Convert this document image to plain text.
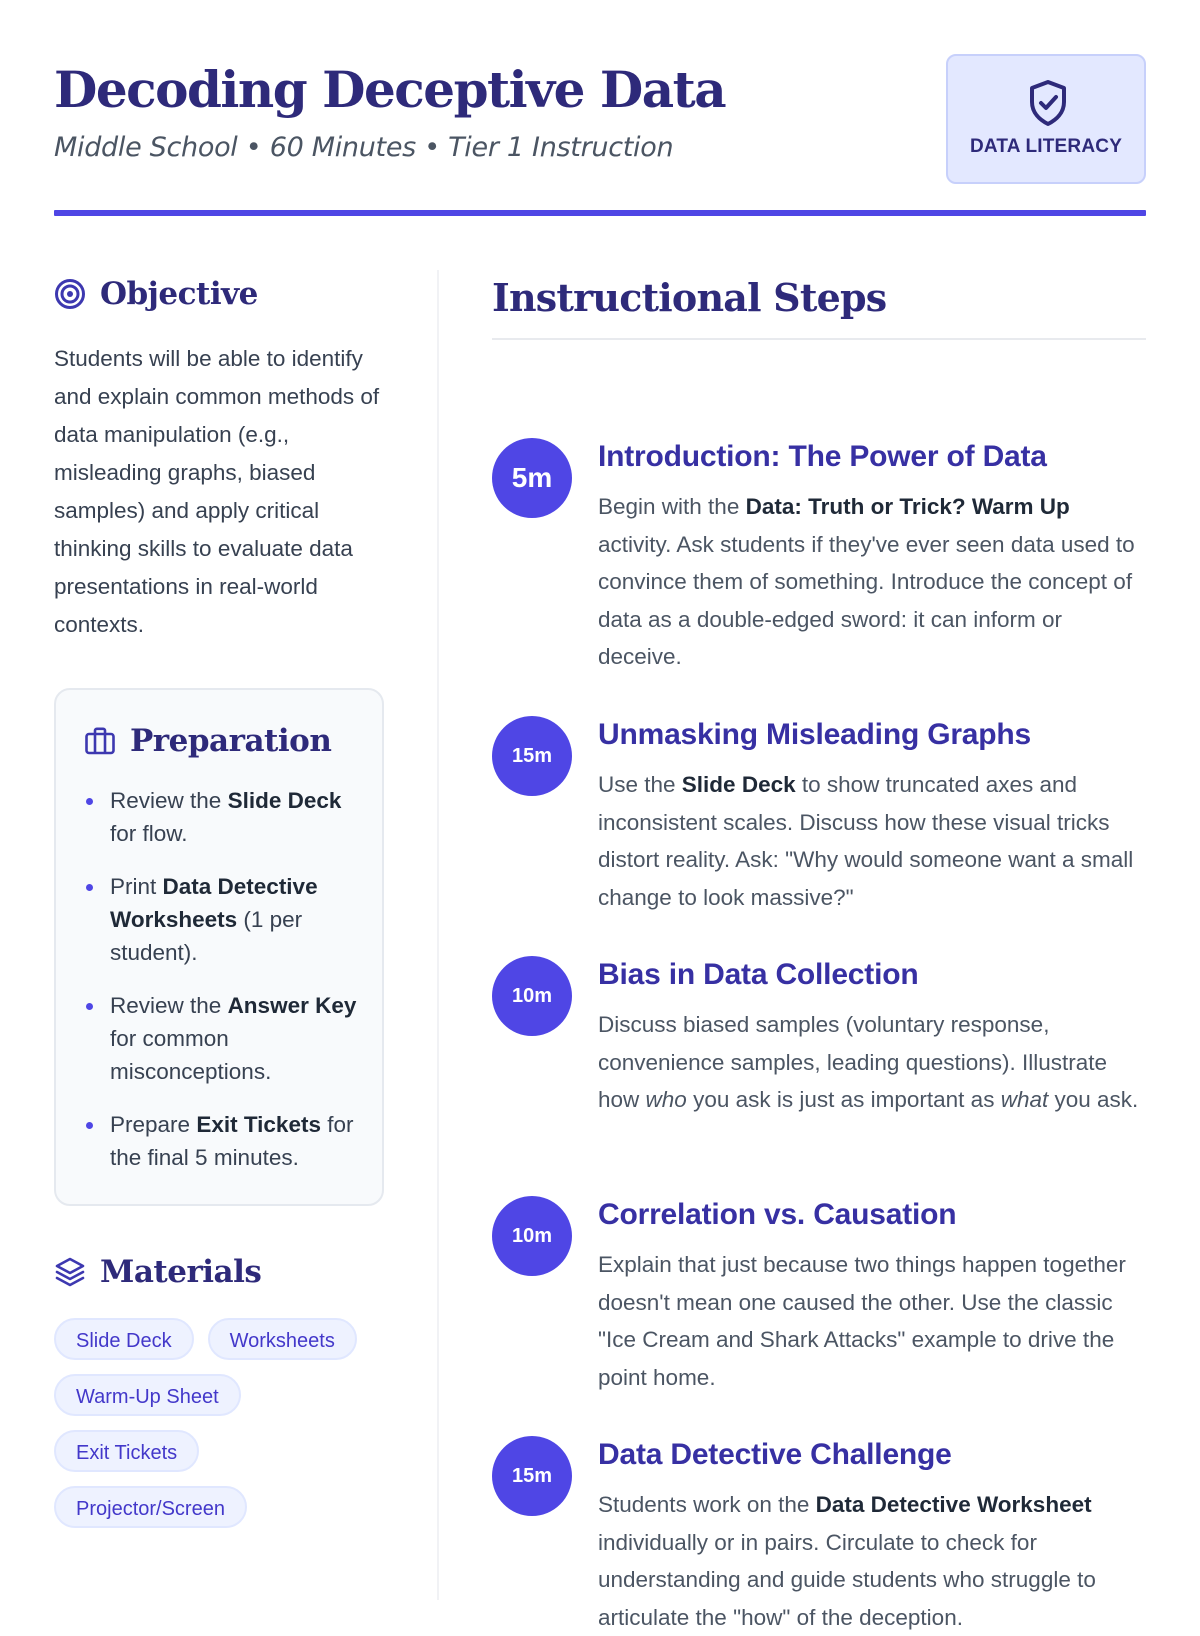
Decoding Deceptive Data
Middle School • 60 Minutes • Tier 1 Instruction	DATA LITERACY
Objective

Students will be able to identify and explain common methods of data manipulation (e.g., misleading graphs, biased samples) and apply critical thinking skills to evaluate data presentations in real-world contexts.

Preparation
Review the Slide Deck for flow.
Print Data Detective Worksheets (1 per student).
Review the Answer Key for common misconceptions.
Prepare Exit Tickets for the final 5 minutes.
Materials
Slide Deck	Worksheets
Warm-Up Sheet
Exit Tickets
Projector/Screen
Instructional Steps
5m
Introduction: The Power of Data
Begin with the Data: Truth or Trick? Warm Up activity. Ask students if they've ever seen data used to convince them of something. Introduce the concept of data as a double-edged sword: it can inform or deceive.
15m
Unmasking Misleading Graphs
Use the Slide Deck to show truncated axes and inconsistent scales. Discuss how these visual tricks distort reality. Ask: "Why would someone want a small change to look massive?"
10m
Bias in Data Collection
Discuss biased samples (voluntary response, convenience samples, leading questions). Illustrate how who you ask is just as important as what you ask.
10m
Correlation vs. Causation
Explain that just because two things happen together doesn't mean one caused the other. Use the classic "Ice Cream and Shark Attacks" example to drive the point home.
15m
Data Detective Challenge
Students work on the Data Detective Worksheet individually or in pairs. Circulate to check for understanding and guide students who struggle to articulate the "how" of the deception.
